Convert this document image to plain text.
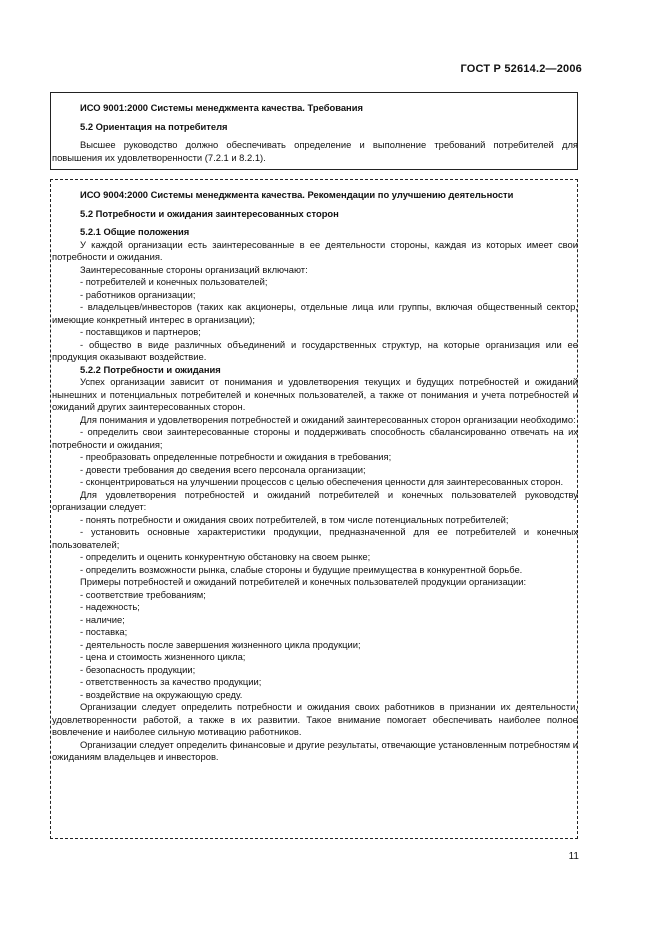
ГОСТ Р 52614.2—2006

ИСО 9001:2000 Системы менеджмента качества. Требования

5.2 Ориентация на потребителя

Высшее руководство должно обеспечивать определение и выполнение требований потребителей для повышения их удовлетворенности (7.2.1 и 8.2.1).

ИСО 9004:2000 Системы менеджмента качества. Рекомендации по улучшению деятельности

5.2 Потребности и ожидания заинтересованных сторон

5.2.1 Общие положения

У каждой организации есть заинтересованные в ее деятельности стороны, каждая из которых имеет свои потребности и ожидания.

Заинтересованные стороны организаций включают:

- потребителей и конечных пользователей;

- работников организации;

- владельцев/инвесторов (таких как акционеры, отдельные лица или группы, включая общественный сектор, имеющие конкретный интерес в организации);

- поставщиков и партнеров;

- общество в виде различных объединений и государственных структур, на которые организация или ее продукция оказывают воздействие.

5.2.2 Потребности и ожидания

Успех организации зависит от понимания и удовлетворения текущих и будущих потребностей и ожиданий нынешних и потенциальных потребителей и конечных пользователей, а также от понимания и учета потребностей и ожиданий других заинтересованных сторон.

Для понимания и удовлетворения потребностей и ожиданий заинтересованных сторон организации необходимо:

- определить свои заинтересованные стороны и поддерживать способность сбалансированно отвечать на их потребности и ожидания;

- преобразовать определенные потребности и ожидания в требования;

- довести требования до сведения всего персонала организации;

- сконцентрироваться на улучшении процессов с целью обеспечения ценности для заинтересованных сторон.

Для удовлетворения потребностей и ожиданий потребителей и конечных пользователей руководству организации следует:

- понять потребности и ожидания своих потребителей, в том числе потенциальных потребителей;

- установить основные характеристики продукции, предназначенной для ее потребителей и конечных пользователей;

- определить и оценить конкурентную обстановку на своем рынке;

- определить возможности рынка, слабые стороны и будущие преимущества в конкурентной борьбе.

Примеры потребностей и ожиданий потребителей и конечных пользователей продукции организации:

- соответствие требованиям;

- надежность;

- наличие;

- поставка;

- деятельность после завершения жизненного цикла продукции;

- цена и стоимость жизненного цикла;

- безопасность продукции;

- ответственность за качество продукции;

- воздействие на окружающую среду.

Организации следует определить потребности и ожидания своих работников в признании их деятельности, удовлетворенности работой, а также в их развитии. Такое внимание помогает обеспечивать наиболее полное вовлечение и наиболее сильную мотивацию работников.

Организации следует определить финансовые и другие результаты, отвечающие установленным потребностям и ожиданиям владельцев и инвесторов.

11
